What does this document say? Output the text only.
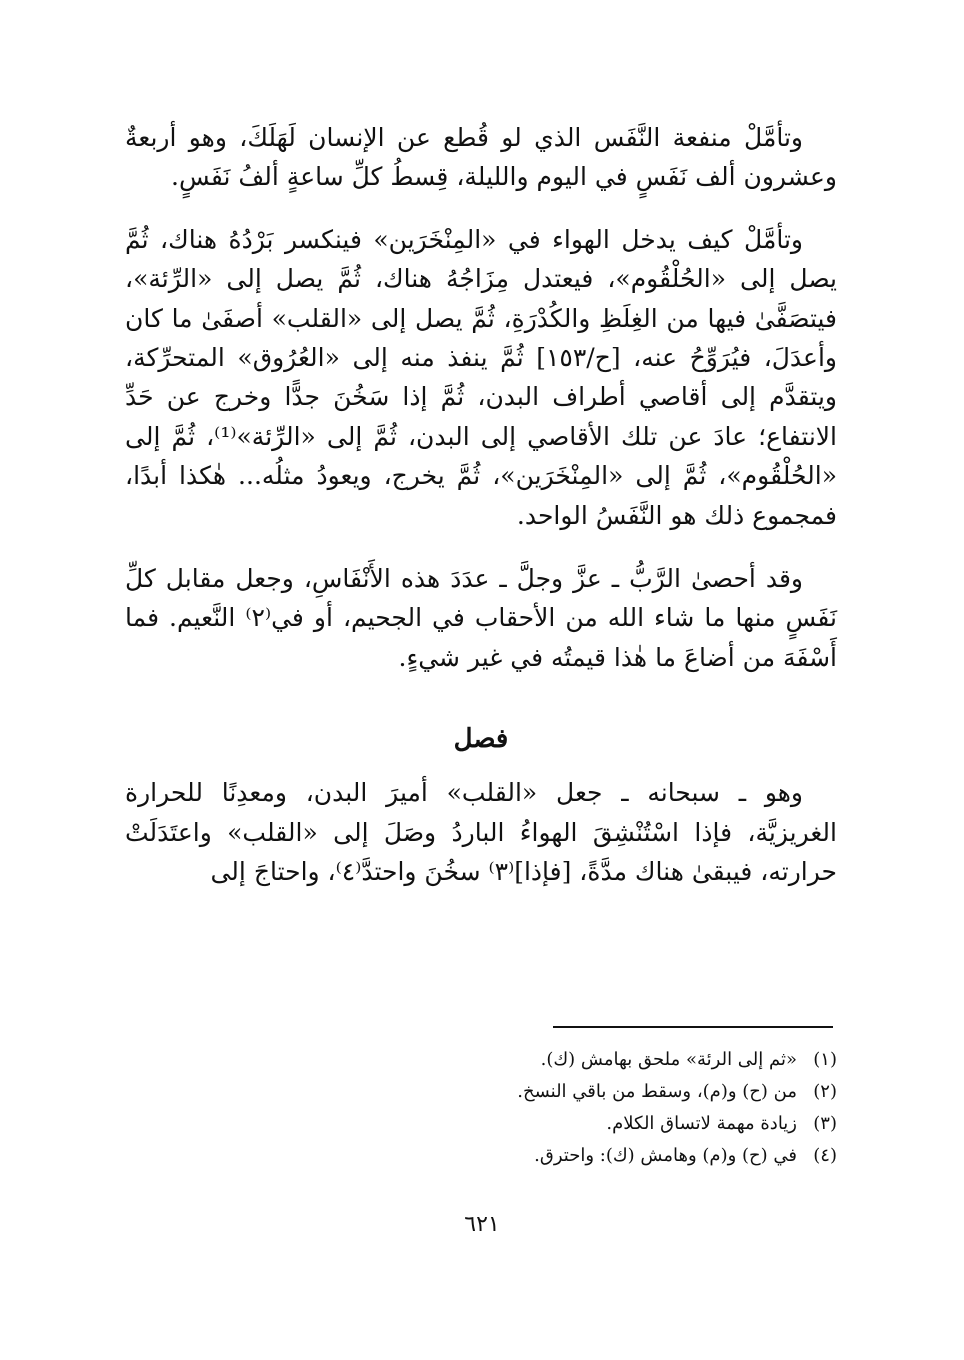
وتأمَّلْ منفعة النَّفَس الذي لو قُطع عن الإنسان لَهَلَكَ، وهو أربعةٌ وعشرون ألف نَفَسٍ في اليوم والليلة، قِسطُ كلِّ ساعةٍ ألفُ نَفَسٍ.

وتأمَّلْ كيف يدخل الهواء في «المِنْخَرَين» فينكسر بَرْدُهُ هناك، ثُمَّ يصل إلى «الحُلْقُوم»، فيعتدل مِزَاجُهُ هناك، ثُمَّ يصل إلى «الرِّئة»، فيتصَفَّىٰ فيها من الغِلَظِ والكُدْرَةِ، ثُمَّ يصل إلى «القلب» أصفَىٰ ما كان وأعدَلَ، فيُرَوِّحُ عنه، [ح/١٥٣] ثُمَّ ينفذ منه إلى «العُرُوق» المتحرِّكة، ويتقدَّم إلى أقاصي أطراف البدن، ثُمَّ إذا سَخُنَ جدًّا وخرج عن حَدِّ الانتفاع؛ عادَ عن تلك الأقاصي إلى البدن، ثُمَّ إلى «الرِّئة»⁽¹⁾، ثُمَّ إلى «الحُلْقُوم»، ثُمَّ إلى «المِنْخَرَين»، ثُمَّ يخرج، ويعودُ مثلُه... هٰكذا أبدًا، فمجموع ذلك هو النَّفَسُ الواحد.

وقد أحصىٰ الرَّبُّ ـ عزَّ وجلَّ ـ عدَدَ هذه الأَنْفَاسِ، وجعل مقابل كلِّ نَفَسٍ منها ما شاء الله من الأحقاب في الجحيم، أو في⁽٢⁾ النَّعيم. فما أَسْفَهَ من أضاعَ ما هٰذا قيمتُه في غير شيءٍ.

فصل

وهو ـ سبحانه ـ جعل «القلب» أميرَ البدن، ومعدِنًا للحرارة الغريزيَّة، فإذا اسْتُنْشِقَ الهواءُ الباردُ وصَلَ إلى «القلب» واعتَدَلَتْ حرارته، فيبقىٰ هناك مدَّةً، [فإذا]⁽٣⁾ سخُنَ واحتدَّ⁽٤⁾، واحتاجَ إلى

(١)
«ثم إلى الرئة» ملحق بهامش (ك).
(٢)
من (ح) و(م)، وسقط من باقي النسخ.
(٣)
زيادة مهمة لاتساق الكلام.
(٤)
في (ح) و(م) وهامش (ك): واحترق.
٦٢١
